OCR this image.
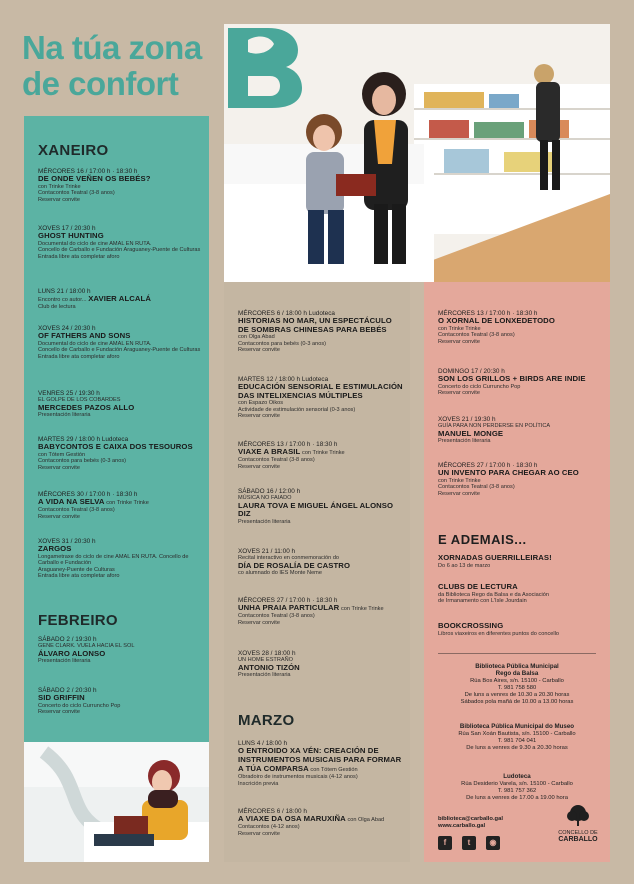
Na túa zona
de confort
XANEIRO
MÉRCORES 16 / 17:00 h · 18:30 h
DE ONDE VEÑEN OS BEBÉS?
con Trinke Trinke
Contacontos Teatral (3-8 anos)
Reservar convite
XOVES 17 / 20:30 h
GHOST HUNTING
Documental do ciclo de cine AMAL EN RUTA.
Concello de Carballo e Fundación Araguaney-Puente de Culturas
Entrada libre ata completar aforo
LUNS 21 / 18:00 h
Encontro co autor... XAVIER ALCALÁ
Club de lectura
XOVES 24 / 20:30 h
OF FATHERS AND SONS
Documental do ciclo de cine AMAL EN RUTA.
Concello de Carballo e Fundación Araguaney-Puente de Culturas
Entrada libre ata completar aforo
VENRES 25 / 19:30 h
EL GOLPE DE LOS COBARDES
MERCEDES PAZOS ALLO
Presentación literaria
MARTES 29 / 18:00 h Ludoteca
BABYCONTOS E CAIXA DOS TESOUROS
con Tótem Gestión
Contacontos para bebés (0-3 anos)
Reservar convite
MÉRCORES 30 / 17:00 h · 18:30 h
A VIDA NA SELVA con Trinke Trinke
Contacontos Teatral (3-8 anos)
Reservar convite
XOVES 31 / 20:30 h
ZARGOS
Longametraxe do ciclo de cine AMAL EN RUTA. Concello de Carballo e Fundación
Araguaney-Puente de Culturas
Entrada libre ata completar aforo
FEBREIRO
SÁBADO 2 / 19:30 h
GENE CLARK. VUELA HACIA EL SOL
ÁLVARO ALONSO
Presentación literaria
SÁBADO 2 / 20:30 h
SID GRIFFIN
Concerto do ciclo Currunchо Pop
Reservar convite
MÉRCORES 6 / 18:00 h Ludoteca
HISTORIAS NO MAR, UN ESPECTÁCULO DE SOMBRAS CHINESAS PARA BEBÉS
con Olga Abad
Contacontos para bebés (0-3 anos)
Reservar convite
MARTES 12 / 18:00 h Ludoteca
EDUCACIÓN SENSORIAL E ESTIMULACIÓN DAS INTELIXENCIAS MÚLTIPLES
con Espazo Oikos
Actividade de estimulación sensorial (0-3 anos)
Reservar convite
MÉRCORES 13 / 17:00 h · 18:30 h
VIAXE A BRASIL con Trinke Trinke
Contacontos Teatral (3-8 anos)
Reservar convite
SÁBADO 16 / 12:00 h
MÚSICA NO FAIADO
LAURA TOVA E MIGUEL ÁNGEL ALONSO DIZ
Presentación literaria
XOVES 21 / 11:00 h
Recital interactivo en conmemoración do
DÍA DE ROSALÍA DE CASTRO
co alumnado do IES Monte Neme
MÉRCORES 27 / 17:00 h · 18:30 h
UNHA PRAIA PARTICULAR con Trinke Trinke
Contacontos Teatral (3-8 anos)
Reservar convite
XOVES 28 / 18:00 h
UN HOME ESTRAÑO
ANTONIO TIZÓN
Presentación literaria
MARZO
LUNS 4 / 18:00 h
O ENTROIDO XA VÉN: CREACIÓN DE INSTRUMENTOS MUSICAIS PARA FORMAR A TÚA COMPARSA con Tótem Gestión
Obradoiro de instrumentos musicais (4-12 anos)
Inscrición previa
MÉRCORES 6 / 18:00 h
A VIAXE DA OSA MARUXIÑA con Olga Abad
Contacontos (4-12 anos)
Reservar convite
MÉRCORES 13 / 17:00 h · 18:30 h
O XORNAL DE LONXEDETODO
con Trinke Trinke
Contacontos Teatral (3-8 anos)
Reservar convite
DOMINGO 17 / 20:30 h
SON LOS GRILLOS + BIRDS ARE INDIE
Concerto do ciclo Currunchо Pop
Reservar convite
XOVES 21 / 19:30 h
GUÍA PARA NON PERDERSE EN POLÍTICA
MANUEL MONGE
Presentación literaria
MÉRCORES 27 / 17:00 h · 18:30 h
UN INVENTO PARA CHEGAR AO CEO
con Trinke Trinke
Contacontos Teatral (3-8 anos)
Reservar convite
E ADEMAIS...
XORNADAS GUERRILLEIRAS!
Do 6 ao 13 de marzo
CLUBS DE LECTURA
da Biblioteca Rego da Balsa e da Asociación
de Irmanamento con L'Isle Jourdain
BOOKCROSSING
Libros viaxeiros en diferentes puntos do concello
Biblioteca Pública Municipal
Rego da Balsa
Rúa Bos Aires, s/n. 15100 - Carballo
T. 981 758 580
De luns a venres de 10.30 a 20.30 horas
Sábados pola mañá de 10.00 a 13.00 horas
Biblioteca Pública Municipal do Museo
Rúa San Xoán Bautista, s/n. 15100 - Carballo
T. 981 704 041
De luns a venres de 9.30 a 20.30 horas
Ludoteca
Rúa Desiderio Varela, s/n. 15100 - Carballo
T. 981 757 362
De luns a venres de 17.00 a 19.00 hora
biblioteca@carballo.gal
www.carballo.gal
f	t	◉
CONCELLO DE
CARBALLO
